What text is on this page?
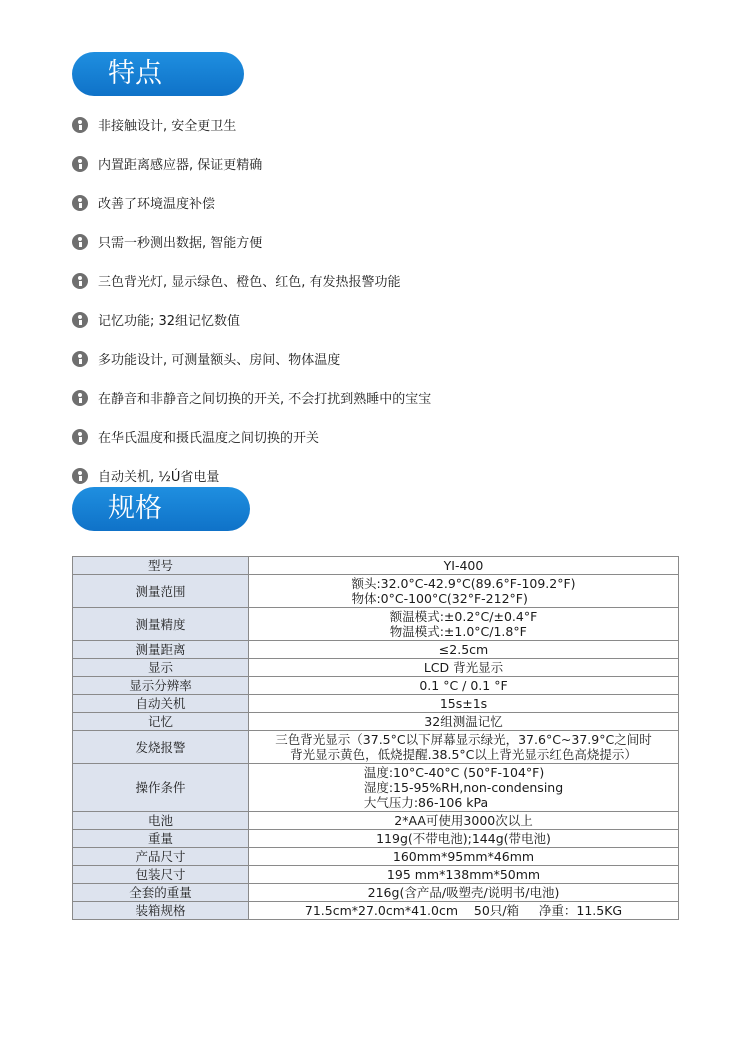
特点
非接触设计, 安全更卫生
内置距离感应器, 保证更精确
改善了环境温度补偿
只需一秒测出数据, 智能方便
三色背光灯, 显示绿色、橙色、红色, 有发热报警功能
记忆功能; 32组记忆数值
多功能设计, 可测量额头、房间、物体温度
在静音和非静音之间切换的开关, 不会打扰到熟睡中的宝宝
在华氏温度和摄氏温度之间切换的开关
自动关机, ½Ú省电量
规格
型号	YI-400

测量范围	额头:32.0°C-42.9°C(89.6°F-109.2°F)
物体:0°C-100°C(32°F-212°F)

测量精度	额温模式:±0.2°C/±0.4°F
物温模式:±1.0°C/1.8°F

测量距离	≤2.5cm

显示	LCD 背光显示

显示分辨率	0.1 °C / 0.1 °F

自动关机	15s±1s

记忆	32组测温记忆

发烧报警	三色背光显示（37.5°C以下屏幕显示绿光，37.6°C~37.9°C之间时
背光显示黄色，低烧提醒.38.5°C以上背光显示红色高烧提示）

操作条件	温度:10°C-40°C (50°F-104°F)
湿度:15-95%RH,non-condensing
大气压力:86-106 kPa

电池	2*AA可使用3000次以上

重量	119g(不带电池);144g(带电池)

产品尺寸	160mm*95mm*46mm

包装尺寸	195 mm*138mm*50mm

全套的重量	216g(含产品/吸塑壳/说明书/电池)

装箱规格	71.5cm*27.0cm*41.0cm    50只/箱     净重：11.5KG
